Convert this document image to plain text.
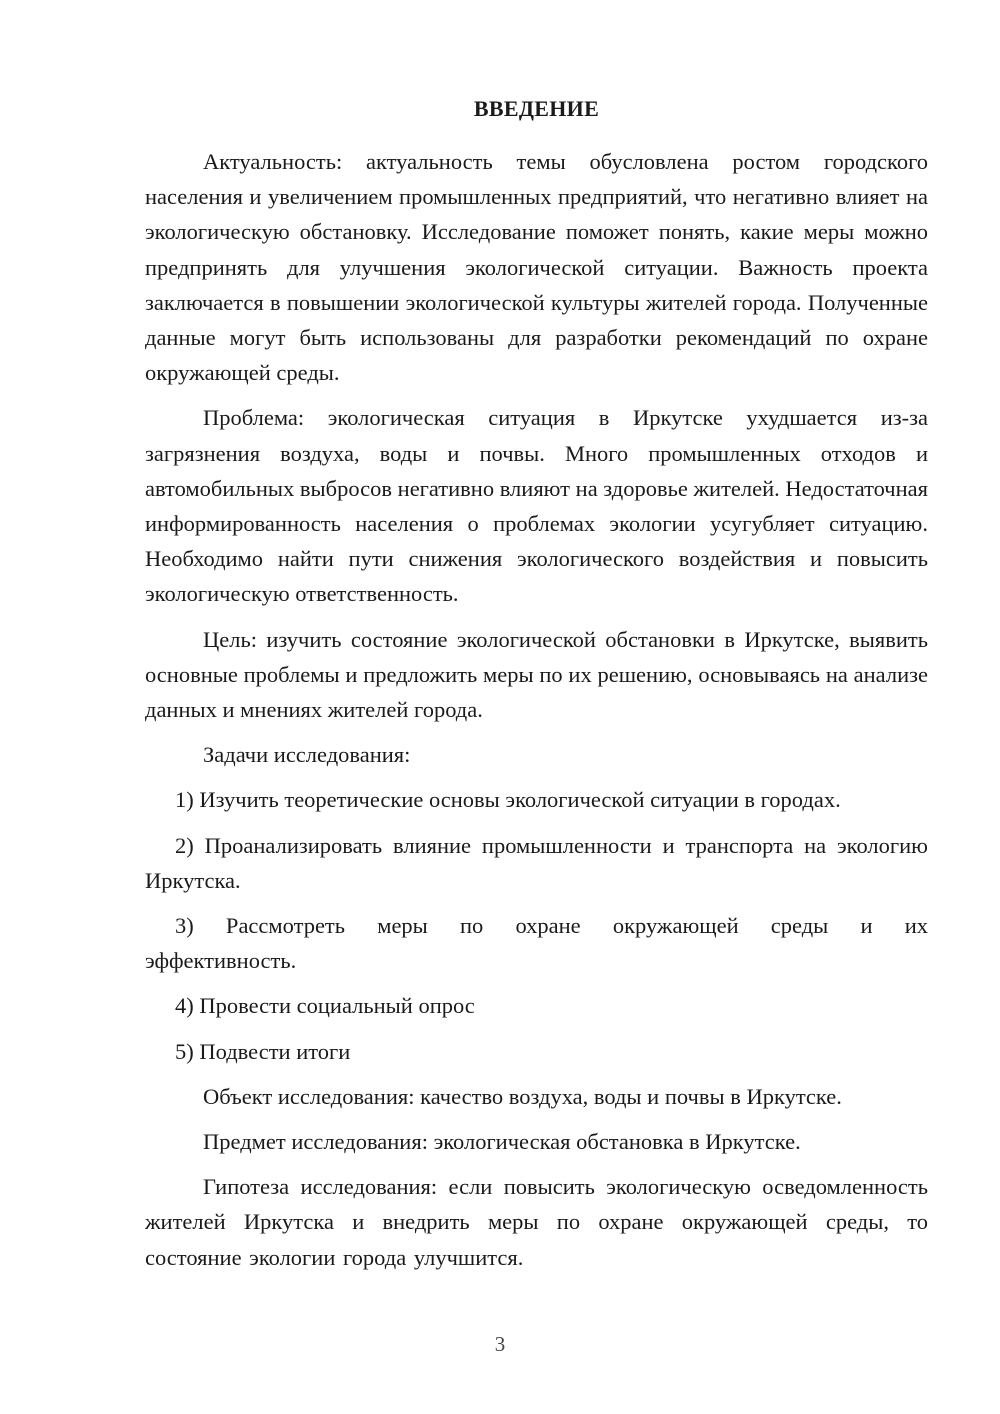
ВВЕДЕНИЕ

Актуальность: актуальность темы обусловлена ростом городского населения и увеличением промышленных предприятий, что негативно влияет на экологическую обстановку. Исследование поможет понять, какие меры можно предпринять для улучшения экологической ситуации. Важность проекта заключается в повышении экологической культуры жителей города. Полученные данные могут быть использованы для разработки рекомендаций по охране окружающей среды.

Проблема: экологическая ситуация в Иркутске ухудшается из-за загрязнения воздуха, воды и почвы. Много промышленных отходов и автомобильных выбросов негативно влияют на здоровье жителей. Недостаточная информированность населения о проблемах экологии усугубляет ситуацию. Необходимо найти пути снижения экологического воздействия и повысить экологическую ответственность.

Цель: изучить состояние экологической обстановки в Иркутске, выявить основные проблемы и предложить меры по их решению, основываясь на анализе данных и мнениях жителей города.

Задачи исследования:

1) Изучить теоретические основы экологической ситуации в городах.

2) Проанализировать влияние промышленности и транспорта на экологию Иркутска.

3) Рассмотреть меры по охране окружающей среды и их эффективность.

4) Провести социальный опрос

5) Подвести итоги

Объект исследования: качество воздуха, воды и почвы в Иркутске.

Предмет исследования: экологическая обстановка в Иркутске.

Гипотеза исследования: если повысить экологическую осведомленность жителей Иркутска и внедрить меры по охране окружающей среды, то состояние экологии города улучшится.

3
